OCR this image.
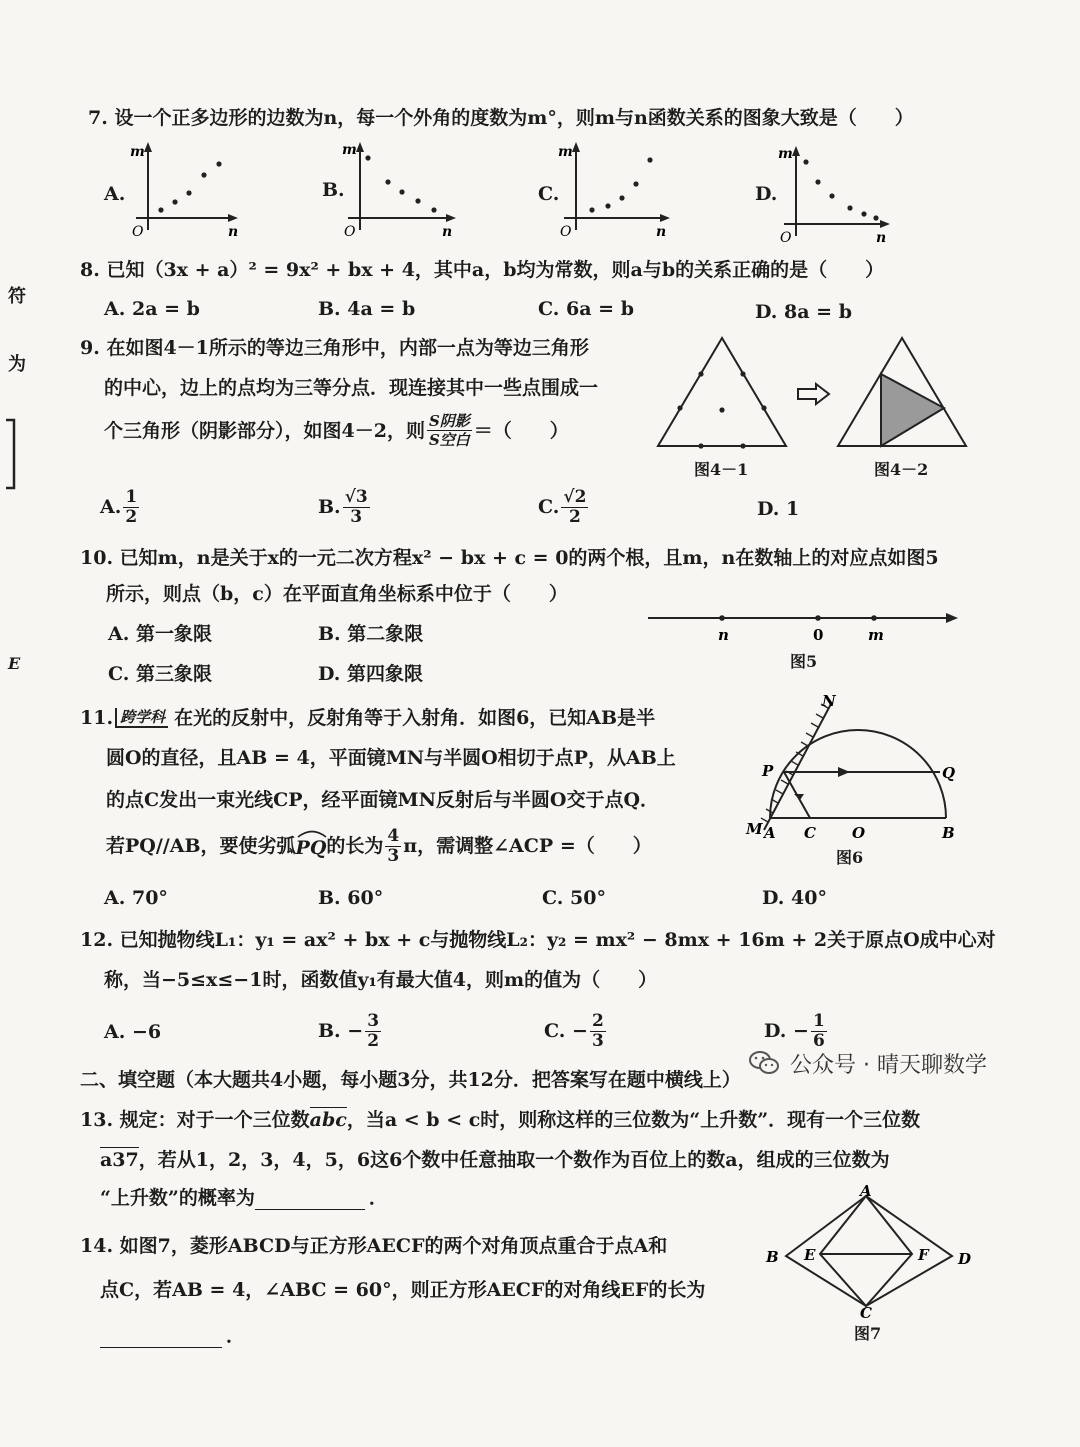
符
为
E
7. 设一个正多边形的边数为n，每一个外角的度数为m°，则m与n函数关系的图象大致是（　　）
A.	B.	C.	D.
m
O	n
m
O	n
m
O	n
m
O	n
8. 已知（3x + a）² = 9x² + bx + 4，其中a，b均为常数，则a与b的关系正确的是（　　）
A. 2a = b	B. 4a = b	C. 6a = b	D. 8a = b
9. 在如图4－1所示的等边三角形中，内部一点为等边三角形
的中心，边上的点均为三等分点．现连接其中一些点围成一
个三角形（阴影部分），如图4－2，则 $\frac{\text{S阴影}}{\text{S空白}}$ ＝（　　）
图4－1	图4－2
A. $\frac{1}{2}$	B. $\frac{√3}{3}$	C. $\frac{√2}{2}$	D. 1
10. 已知m，n是关于x的一元二次方程x² − bx + c = 0的两个根，且m，n在数轴上的对应点如图5
所示，则点（b，c）在平面直角坐标系中位于（　　）
A. 第一象限	B. 第二象限
C. 第三象限	D. 第四象限
n	0	m
图5
11. 跨学科 在光的反射中，反射角等于入射角．如图6，已知AB是半
圆O的直径，且AB = 4，平面镜MN与半圆O相切于点P，从AB上
的点C发出一束光线CP，经平面镜MN反射后与半圆O交于点Q．
若PQ//AB，要使劣弧 PQ 的长为 $\frac{4}{3}$ π，需调整∠ACP =（　　）
N
P	Q
M A C O	B
图6
A. 70°	B. 60°	C. 50°	D. 40°
12. 已知抛物线L₁：y₁ = ax² + bx + c与抛物线L₂：y₂ = mx² − 8mx + 16m + 2关于原点O成中心对
称，当−5≤x≤−1时，函数值y₁有最大值4，则m的值为（　　）
A. −6	B. − $\frac{3}{2}$	C. − $\frac{2}{3}$	D. − $\frac{1}{6}$
二、填空题（本大题共4小题，每小题3分，共12分．把答案写在题中横线上）
13. 规定：对于一个三位数abc，当a < b < c时，则称这样的三位数为“上升数”．现有一个三位数
a37，若从1，2，3，4，5，6这6个数中任意抽取一个数作为百位上的数a，组成的三位数为
“上升数”的概率为	．
14. 如图7，菱形ABCD与正方形AECF的两个对角顶点重合于点A和
点C，若AB = 4，∠ABC = 60°，则正方形AECF的对角线EF的长为
．
A
B E	F D
C
图7
公众号 · 晴天聊数学
